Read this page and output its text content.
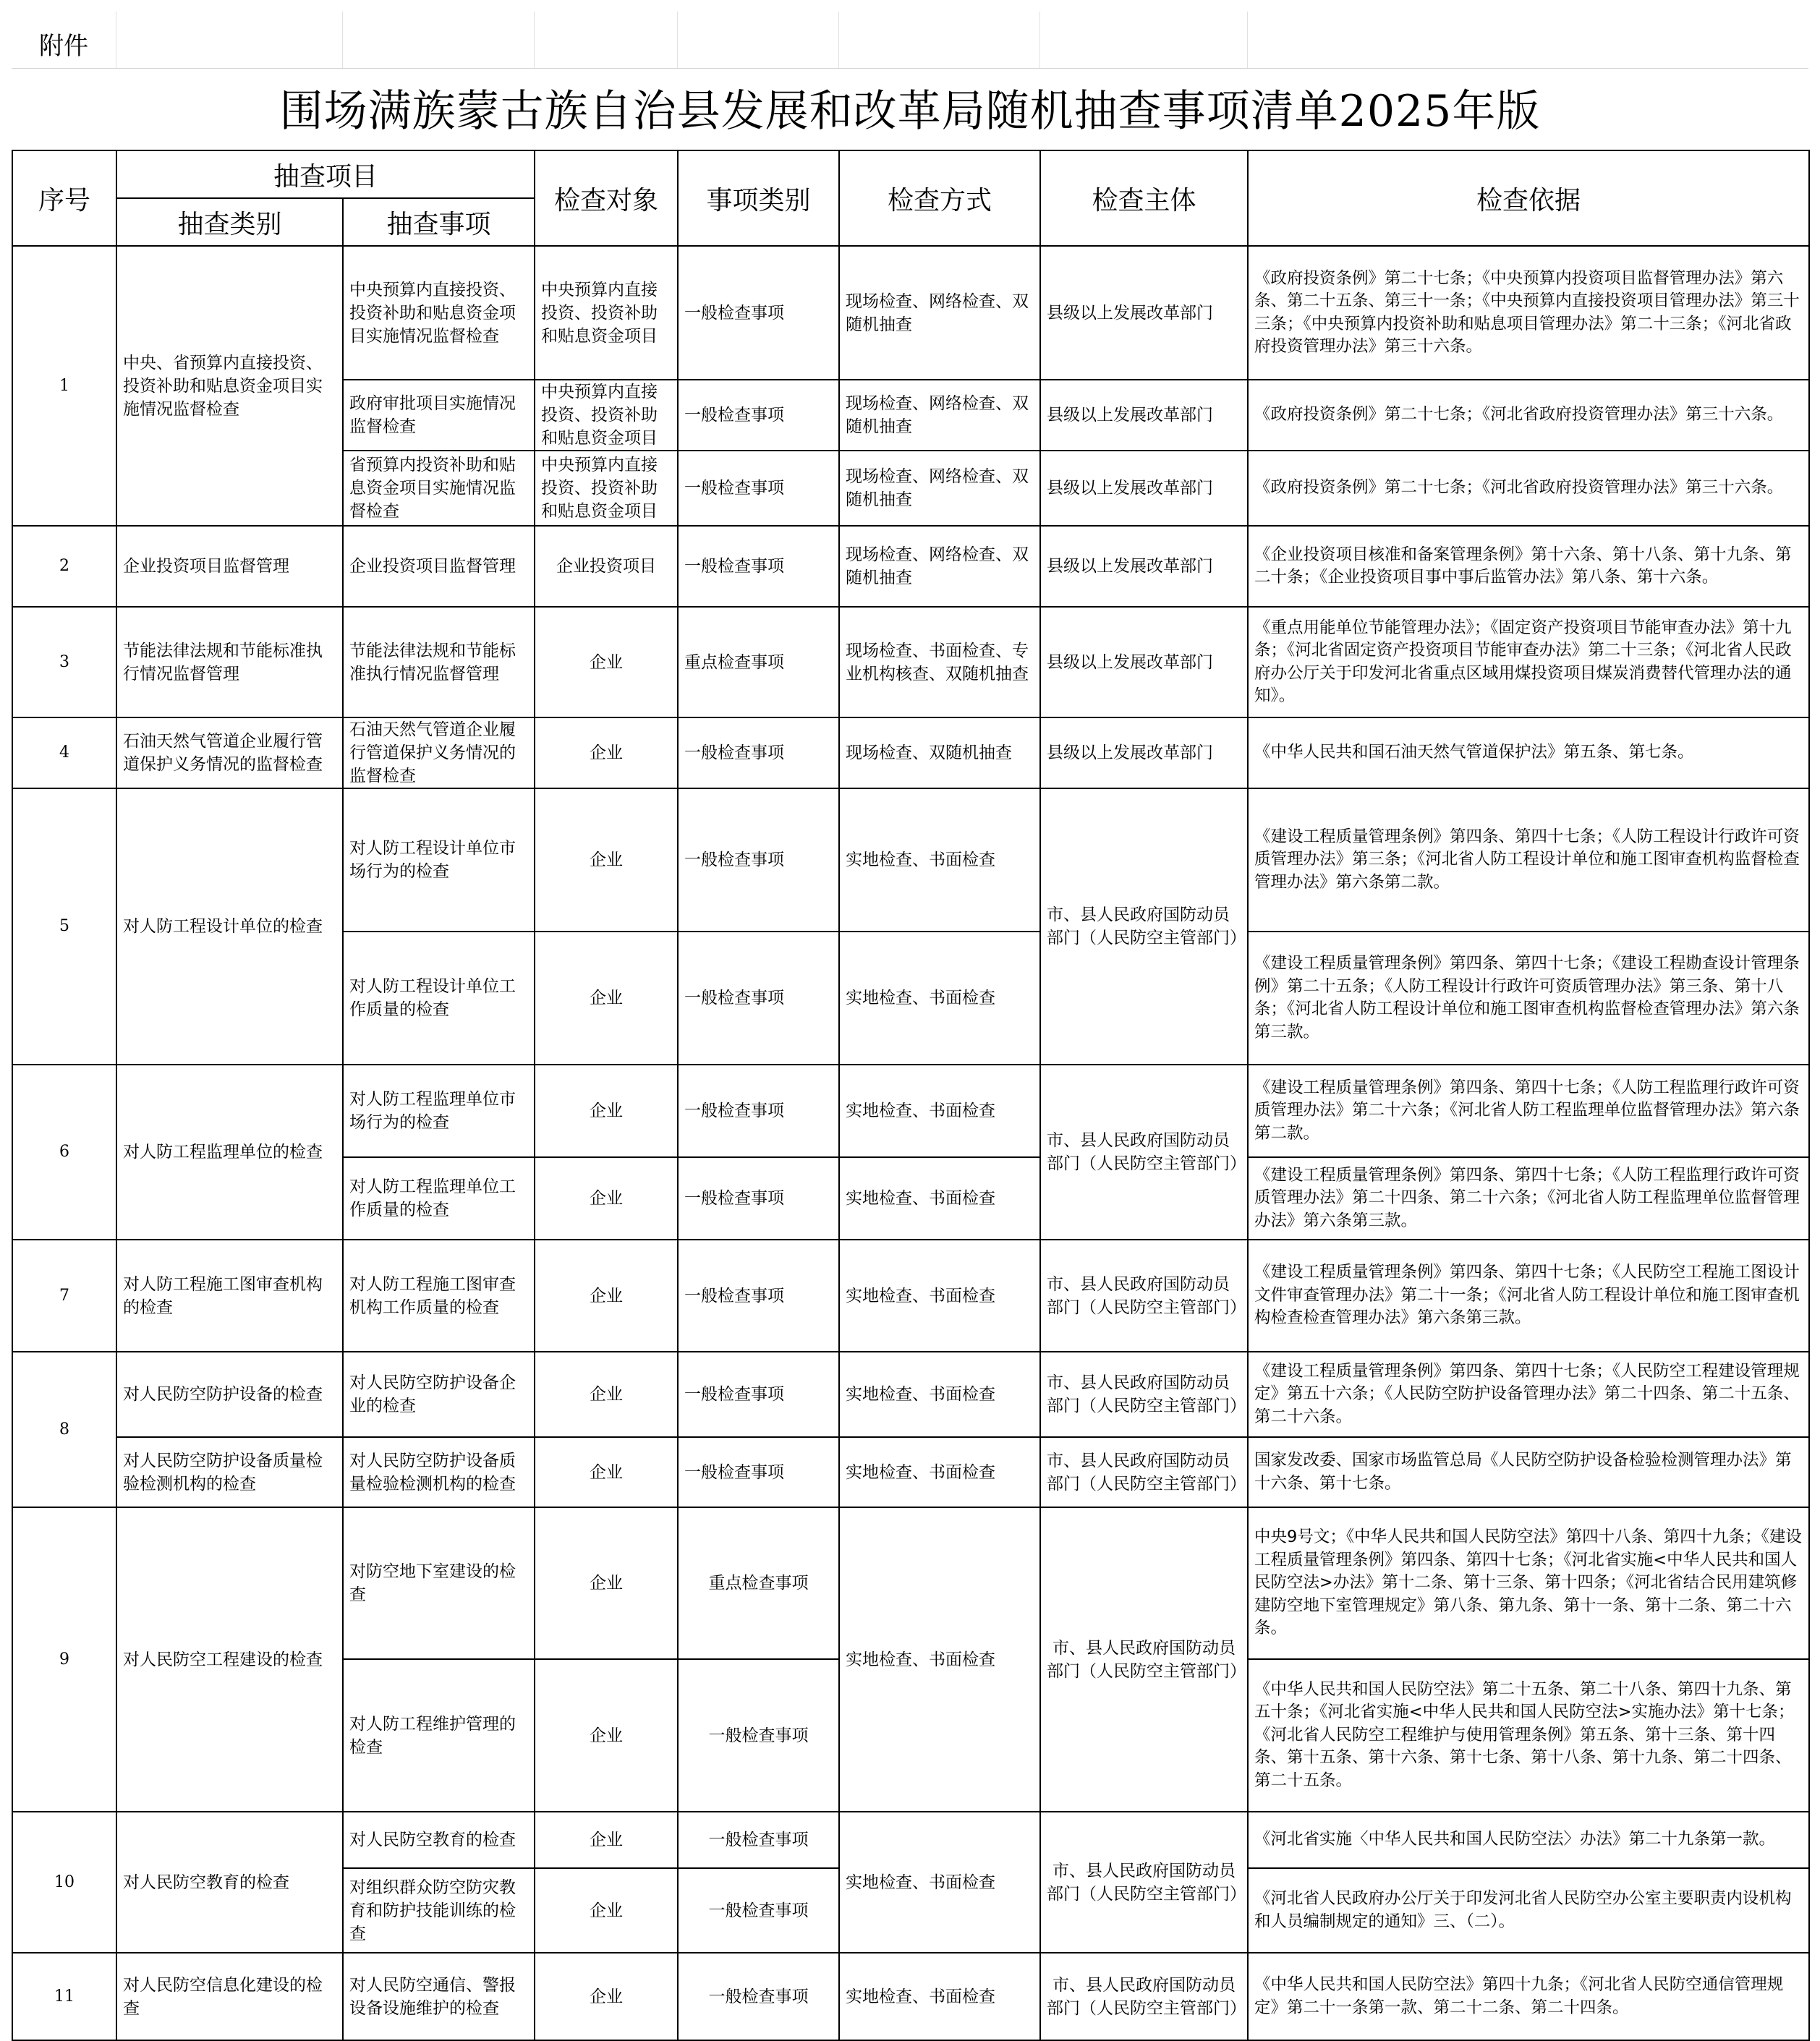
附件
围场满族蒙古族自治县发展和改革局随机抽查事项清单2025年版
序号	抽查项目		检查对象	事项类别	检查方式	检查主体	检查依据
	抽查类别	抽查事项					
1	中央、省预算内直接投资、投资补助和贴息资金项目实施情况监督检查	中央预算内直接投资、投资补助和贴息资金项目实施情况监督检查	中央预算内直接投资、投资补助和贴息资金项目	一般检查事项	现场检查、网络检查、双随机抽查	县级以上发展改革部门	《政府投资条例》第二十七条；《中央预算内投资项目监督管理办法》第六条、第二十五条、第三十一条；《中央预算内直接投资项目管理办法》第三十三条；《中央预算内投资补助和贴息项目管理办法》第二十三条；《河北省政府投资管理办法》第三十六条。
		政府审批项目实施情况监督检查	中央预算内直接投资、投资补助和贴息资金项目	一般检查事项	现场检查、网络检查、双随机抽查	县级以上发展改革部门	《政府投资条例》第二十七条；《河北省政府投资管理办法》第三十六条。
		省预算内投资补助和贴息资金项目实施情况监督检查	中央预算内直接投资、投资补助和贴息资金项目	一般检查事项	现场检查、网络检查、双随机抽查	县级以上发展改革部门	《政府投资条例》第二十七条；《河北省政府投资管理办法》第三十六条。
2	企业投资项目监督管理	企业投资项目监督管理	企业投资项目	一般检查事项	现场检查、网络检查、双随机抽查	县级以上发展改革部门	《企业投资项目核准和备案管理条例》第十六条、第十八条、第十九条、第二十条；《企业投资项目事中事后监管办法》第八条、第十六条。
3	节能法律法规和节能标准执行情况监督管理	节能法律法规和节能标准执行情况监督管理	企业	重点检查事项	现场检查、书面检查、专业机构核查、双随机抽查	县级以上发展改革部门	《重点用能单位节能管理办法》；《固定资产投资项目节能审查办法》第十九条；《河北省固定资产投资项目节能审查办法》第二十三条；《河北省人民政府办公厅关于印发河北省重点区域用煤投资项目煤炭消费替代管理办法的通知》。
4	石油天然气管道企业履行管道保护义务情况的监督检查	石油天然气管道企业履行管道保护义务情况的监督检查	企业	一般检查事项	现场检查、双随机抽查	县级以上发展改革部门	《中华人民共和国石油天然气管道保护法》第五条、第七条。
5	对人防工程设计单位的检查	对人防工程设计单位市场行为的检查	企业	一般检查事项	实地检查、书面检查	市、县人民政府国防动员部门（人民防空主管部门）	《建设工程质量管理条例》第四条、第四十七条；《人防工程设计行政许可资质管理办法》第三条；《河北省人防工程设计单位和施工图审查机构监督检查管理办法》第六条第二款。
		对人防工程设计单位工作质量的检查	企业	一般检查事项	实地检查、书面检查		《建设工程质量管理条例》第四条、第四十七条；《建设工程勘查设计管理条例》第二十五条；《人防工程设计行政许可资质管理办法》第三条、第十八条；《河北省人防工程设计单位和施工图审查机构监督检查管理办法》第六条第三款。
6	对人防工程监理单位的检查	对人防工程监理单位市场行为的检查	企业	一般检查事项	实地检查、书面检查	市、县人民政府国防动员部门（人民防空主管部门）	《建设工程质量管理条例》第四条、第四十七条；《人防工程监理行政许可资质管理办法》第二十六条；《河北省人防工程监理单位监督管理办法》第六条第二款。
		对人防工程监理单位工作质量的检查	企业	一般检查事项	实地检查、书面检查		《建设工程质量管理条例》第四条、第四十七条；《人防工程监理行政许可资质管理办法》第二十四条、第二十六条；《河北省人防工程监理单位监督管理办法》第六条第三款。
7	对人防工程施工图审查机构的检查	对人防工程施工图审查机构工作质量的检查	企业	一般检查事项	实地检查、书面检查	市、县人民政府国防动员部门（人民防空主管部门）	《建设工程质量管理条例》第四条、第四十七条；《人民防空工程施工图设计文件审查管理办法》第二十一条；《河北省人防工程设计单位和施工图审查机构检查检查管理办法》第六条第三款。
8	对人民防空防护设备的检查	对人民防空防护设备企业的检查	企业	一般检查事项	实地检查、书面检查	市、县人民政府国防动员部门（人民防空主管部门）	《建设工程质量管理条例》第四条、第四十七条；《人民防空工程建设管理规定》第五十六条；《人民防空防护设备管理办法》第二十四条、第二十五条、第二十六条。
	对人民防空防护设备质量检验检测机构的检查	对人民防空防护设备质量检验检测机构的检查	企业	一般检查事项	实地检查、书面检查	市、县人民政府国防动员部门（人民防空主管部门）	国家发改委、国家市场监管总局《人民防空防护设备检验检测管理办法》第十六条、第十七条。
9	对人民防空工程建设的检查	对防空地下室建设的检查	企业	重点检查事项	实地检查、书面检查	市、县人民政府国防动员部门（人民防空主管部门）	中央9号文；《中华人民共和国人民防空法》第四十八条、第四十九条；《建设工程质量管理条例》第四条、第四十七条；《河北省实施<中华人民共和国人民防空法>办法》第十二条、第十三条、第十四条；《河北省结合民用建筑修建防空地下室管理规定》第八条、第九条、第十一条、第十二条、第二十六条。
		对人防工程维护管理的检查	企业	一般检查事项			《中华人民共和国人民防空法》第二十五条、第二十八条、第四十九条、第五十条；《河北省实施<中华人民共和国人民防空法>实施办法》第十七条；《河北省人民防空工程维护与使用管理条例》第五条、第十三条、第十四条、第十五条、第十六条、第十七条、第十八条、第十九条、第二十四条、第二十五条。
10	对人民防空教育的检查	对人民防空教育的检查	企业	一般检查事项	实地检查、书面检查	市、县人民政府国防动员部门（人民防空主管部门）	《河北省实施〈中华人民共和国人民防空法〉办法》第二十九条第一款。
		对组织群众防空防灾教育和防护技能训练的检查	企业	一般检查事项			《河北省人民政府办公厅关于印发河北省人民防空办公室主要职责内设机构和人员编制规定的通知》三、（二）。
11	对人民防空信息化建设的检查	对人民防空通信、警报设备设施维护的检查	企业	一般检查事项	实地检查、书面检查	市、县人民政府国防动员部门（人民防空主管部门）	《中华人民共和国人民防空法》第四十九条；《河北省人民防空通信管理规定》第二十一条第一款、第二十二条、第二十四条。
